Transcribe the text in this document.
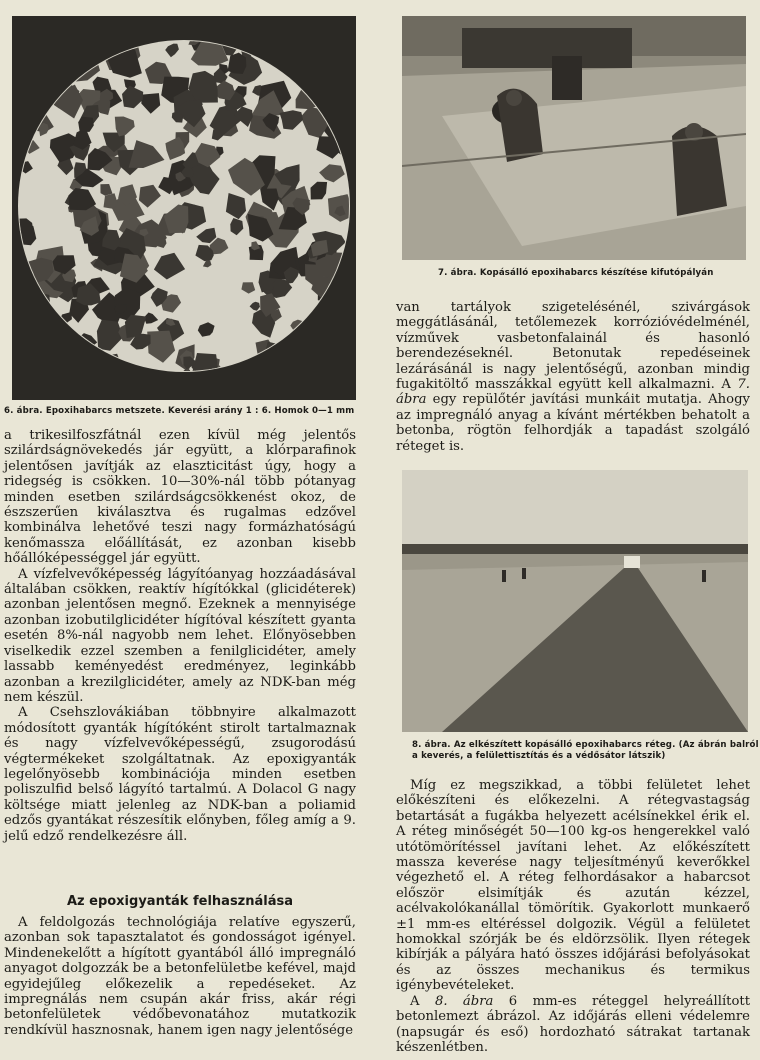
6. ábra. Epoxihabarcs metszete. Keverési arány 1 : 6. Homok 0—1 mm
7. ábra. Kopásálló epoxihabarcs készítése kifutópályán
8. ábra. Az elkészített kopásálló epoxihabarcs réteg. (Az ábrán balról
a keverés, a felülettisztítás és a védősátor látszik)

a trikesilfoszfátnál ezen kívül még jelentős szilárdságnövekedés jár együtt, a klórparafinok jelentősen javítják az elaszticitást úgy, hogy a ridegség is csökken. 10—30%-nál több pótanyag minden esetben szilárdságcsökkenést okoz, de észszerűen kiválasztva és rugalmas edzővel kombinálva lehetővé teszi nagy formázhatóságú kenőmassza előállítását, ez azonban kisebb hőállóképességgel jár együtt.

A vízfelvevőképesség lágyítóanyag hozzáadásával általában csökken, reaktív hígítókkal (glicidéterek) azonban jelentősen megnő. Ezeknek a mennyisége azonban izobutilglicidéter hígítóval készített gyanta esetén 8%-nál nagyobb nem lehet. Előnyösebben viselkedik ezzel szemben a fenilglicidéter, amely lassabb keményedést eredményez, leginkább azonban a krezilglicidéter, amely az NDK-ban még nem készül.

A Csehszlovákiában többnyire alkalmazott módosított gyanták hígítóként stirolt tartalmaznak és nagy vízfelvevőképességű, zsugorodású végtermékeket szolgáltatnak. Az epoxigyanták legelőnyösebb kombinációja minden esetben poliszulfid belső lágyító tartalmú. A Dolacol G nagy költsége miatt jelenleg az NDK-ban a poliamid edzős gyantákat részesítik előnyben, főleg amíg a 9. jelű edző rendelkezésre áll.

Az epoxigyanták felhasználása

A feldolgozás technológiája relatíve egyszerű, azonban sok tapasztalatot és gondosságot igényel. Mindenekelőtt a hígított gyantából álló impregnáló anyagot dolgozzák be a betonfelületbe kefével, majd egyidejűleg előkezelik a repedéseket. Az impregnálás nem csupán akár friss, akár régi betonfelületek védőbevonatához mutatkozik rendkívül hasznosnak, hanem igen nagy jelentősége

van tartályok szigetelésénél, szivárgások meggátlásánál, tetőlemezek korrózióvédelménél, vízművek vasbetonfalainál és hasonló berendezéseknél. Betonutak repedéseinek lezárásánál is nagy jelentőségű, azonban mindig fugakitöltő masszákkal együtt kell alkalmazni. A 7. ábra egy repülőtér javítási munkáit mutatja. Ahogy az impregnáló anyag a kívánt mértékben behatolt a betonba, rögtön felhordják a tapadást szolgáló réteget is.

Míg ez megszikkad, a többi felületet lehet előkészíteni és előkezelni. A rétegvastagság betartását a fugákba helyezett acélsínekkel érik el. A réteg minőségét 50—100 kg-os hengerekkel való utótömörítéssel javítani lehet. Az előkészített massza keverése nagy teljesítményű keverőkkel végezhető el. A réteg felhordásakor a habarcsot először elsimítják és azután kézzel, acélvakolókanállal tömörítik. Gyakorlott munkaerő ±1 mm-es eltéréssel dolgozik. Végül a felületet homokkal szórják be és eldörzsölik. Ilyen rétegek kibírják a pályára ható összes időjárási befolyásokat és az összes mechanikus és termikus igénybevételeket.

A 8. ábra 6 mm-es réteggel helyreállított betonlemezt ábrázol. Az időjárás elleni védelemre (napsugár és eső) hordozható sátrakat tartanak készenlétben.
